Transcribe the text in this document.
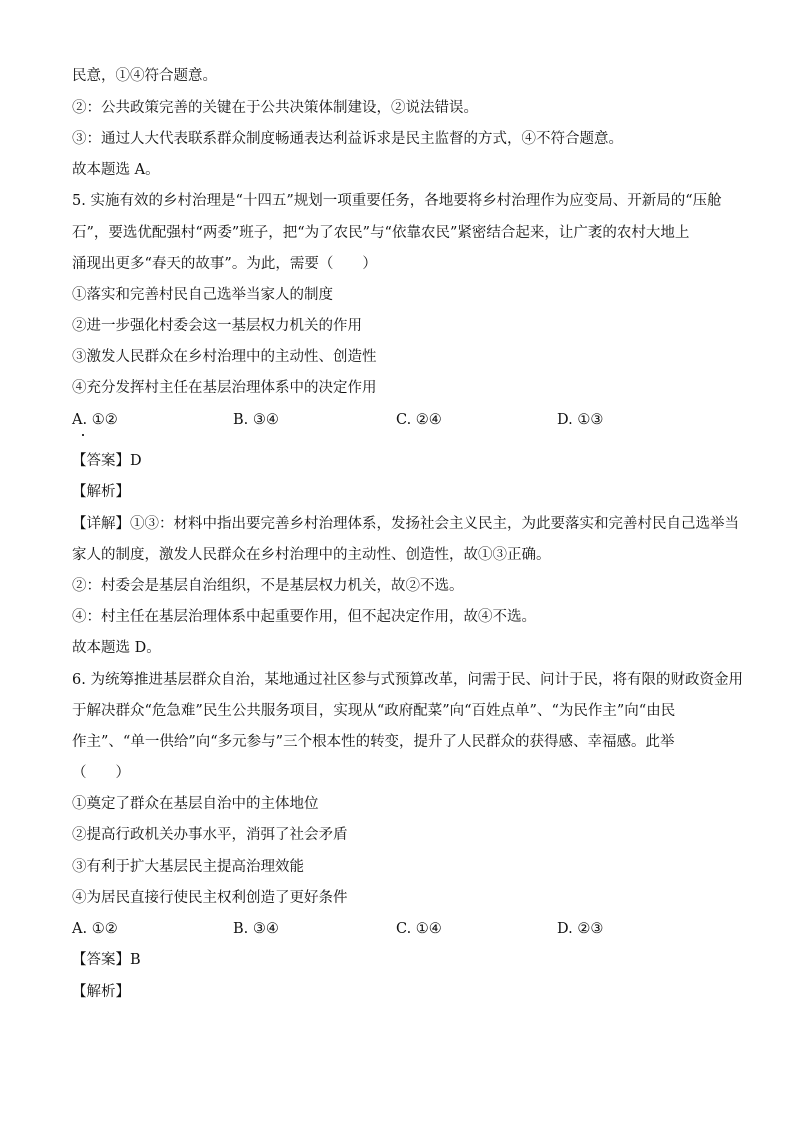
民意，①④符合题意。
②：公共政策完善的关键在于公共决策体制建设，②说法错误。
③：通过人大代表联系群众制度畅通表达利益诉求是民主监督的方式，④不符合题意。
故本题选 A。
5. 实施有效的乡村治理是“十四五”规划一项重要任务，各地要将乡村治理作为应变局、开新局的“压舱
石”，要选优配强村“两委”班子，把“为了农民”与“依靠农民”紧密结合起来，让广袤的农村大地上
涌现出更多“春天的故事”。为此，需要（　　）
①落实和完善村民自己选举当家人的制度
②进一步强化村委会这一基层权力机关的作用
③激发人民群众在乡村治理中的主动性、创造性
④充分发挥村主任在基层治理体系中的决定作用
A. ①②	B. ③④	C. ②④	D. ①③
【答案】D
【解析】
【详解】①③：材料中指出要完善乡村治理体系，发扬社会主义民主，为此要落实和完善村民自己选举当
家人的制度，激发人民群众在乡村治理中的主动性、创造性，故①③正确。
②：村委会是基层自治组织，不是基层权力机关，故②不选。
④：村主任在基层治理体系中起重要作用，但不起决定作用，故④不选。
故本题选 D。
6. 为统筹推进基层群众自治，某地通过社区参与式预算改革，问需于民、问计于民，将有限的财政资金用
于解决群众“危急难”民生公共服务项目，实现从“政府配菜”向“百姓点单”、“为民作主”向“由民
作主”、“单一供给”向“多元参与”三个根本性的转变，提升了人民群众的获得感、幸福感。此举
（　　）
①奠定了群众在基层自治中的主体地位
②提高行政机关办事水平，消弭了社会矛盾
③有利于扩大基层民主提高治理效能
④为居民直接行使民主权利创造了更好条件
A. ①②	B. ③④	C. ①④	D. ②③
【答案】B
【解析】
